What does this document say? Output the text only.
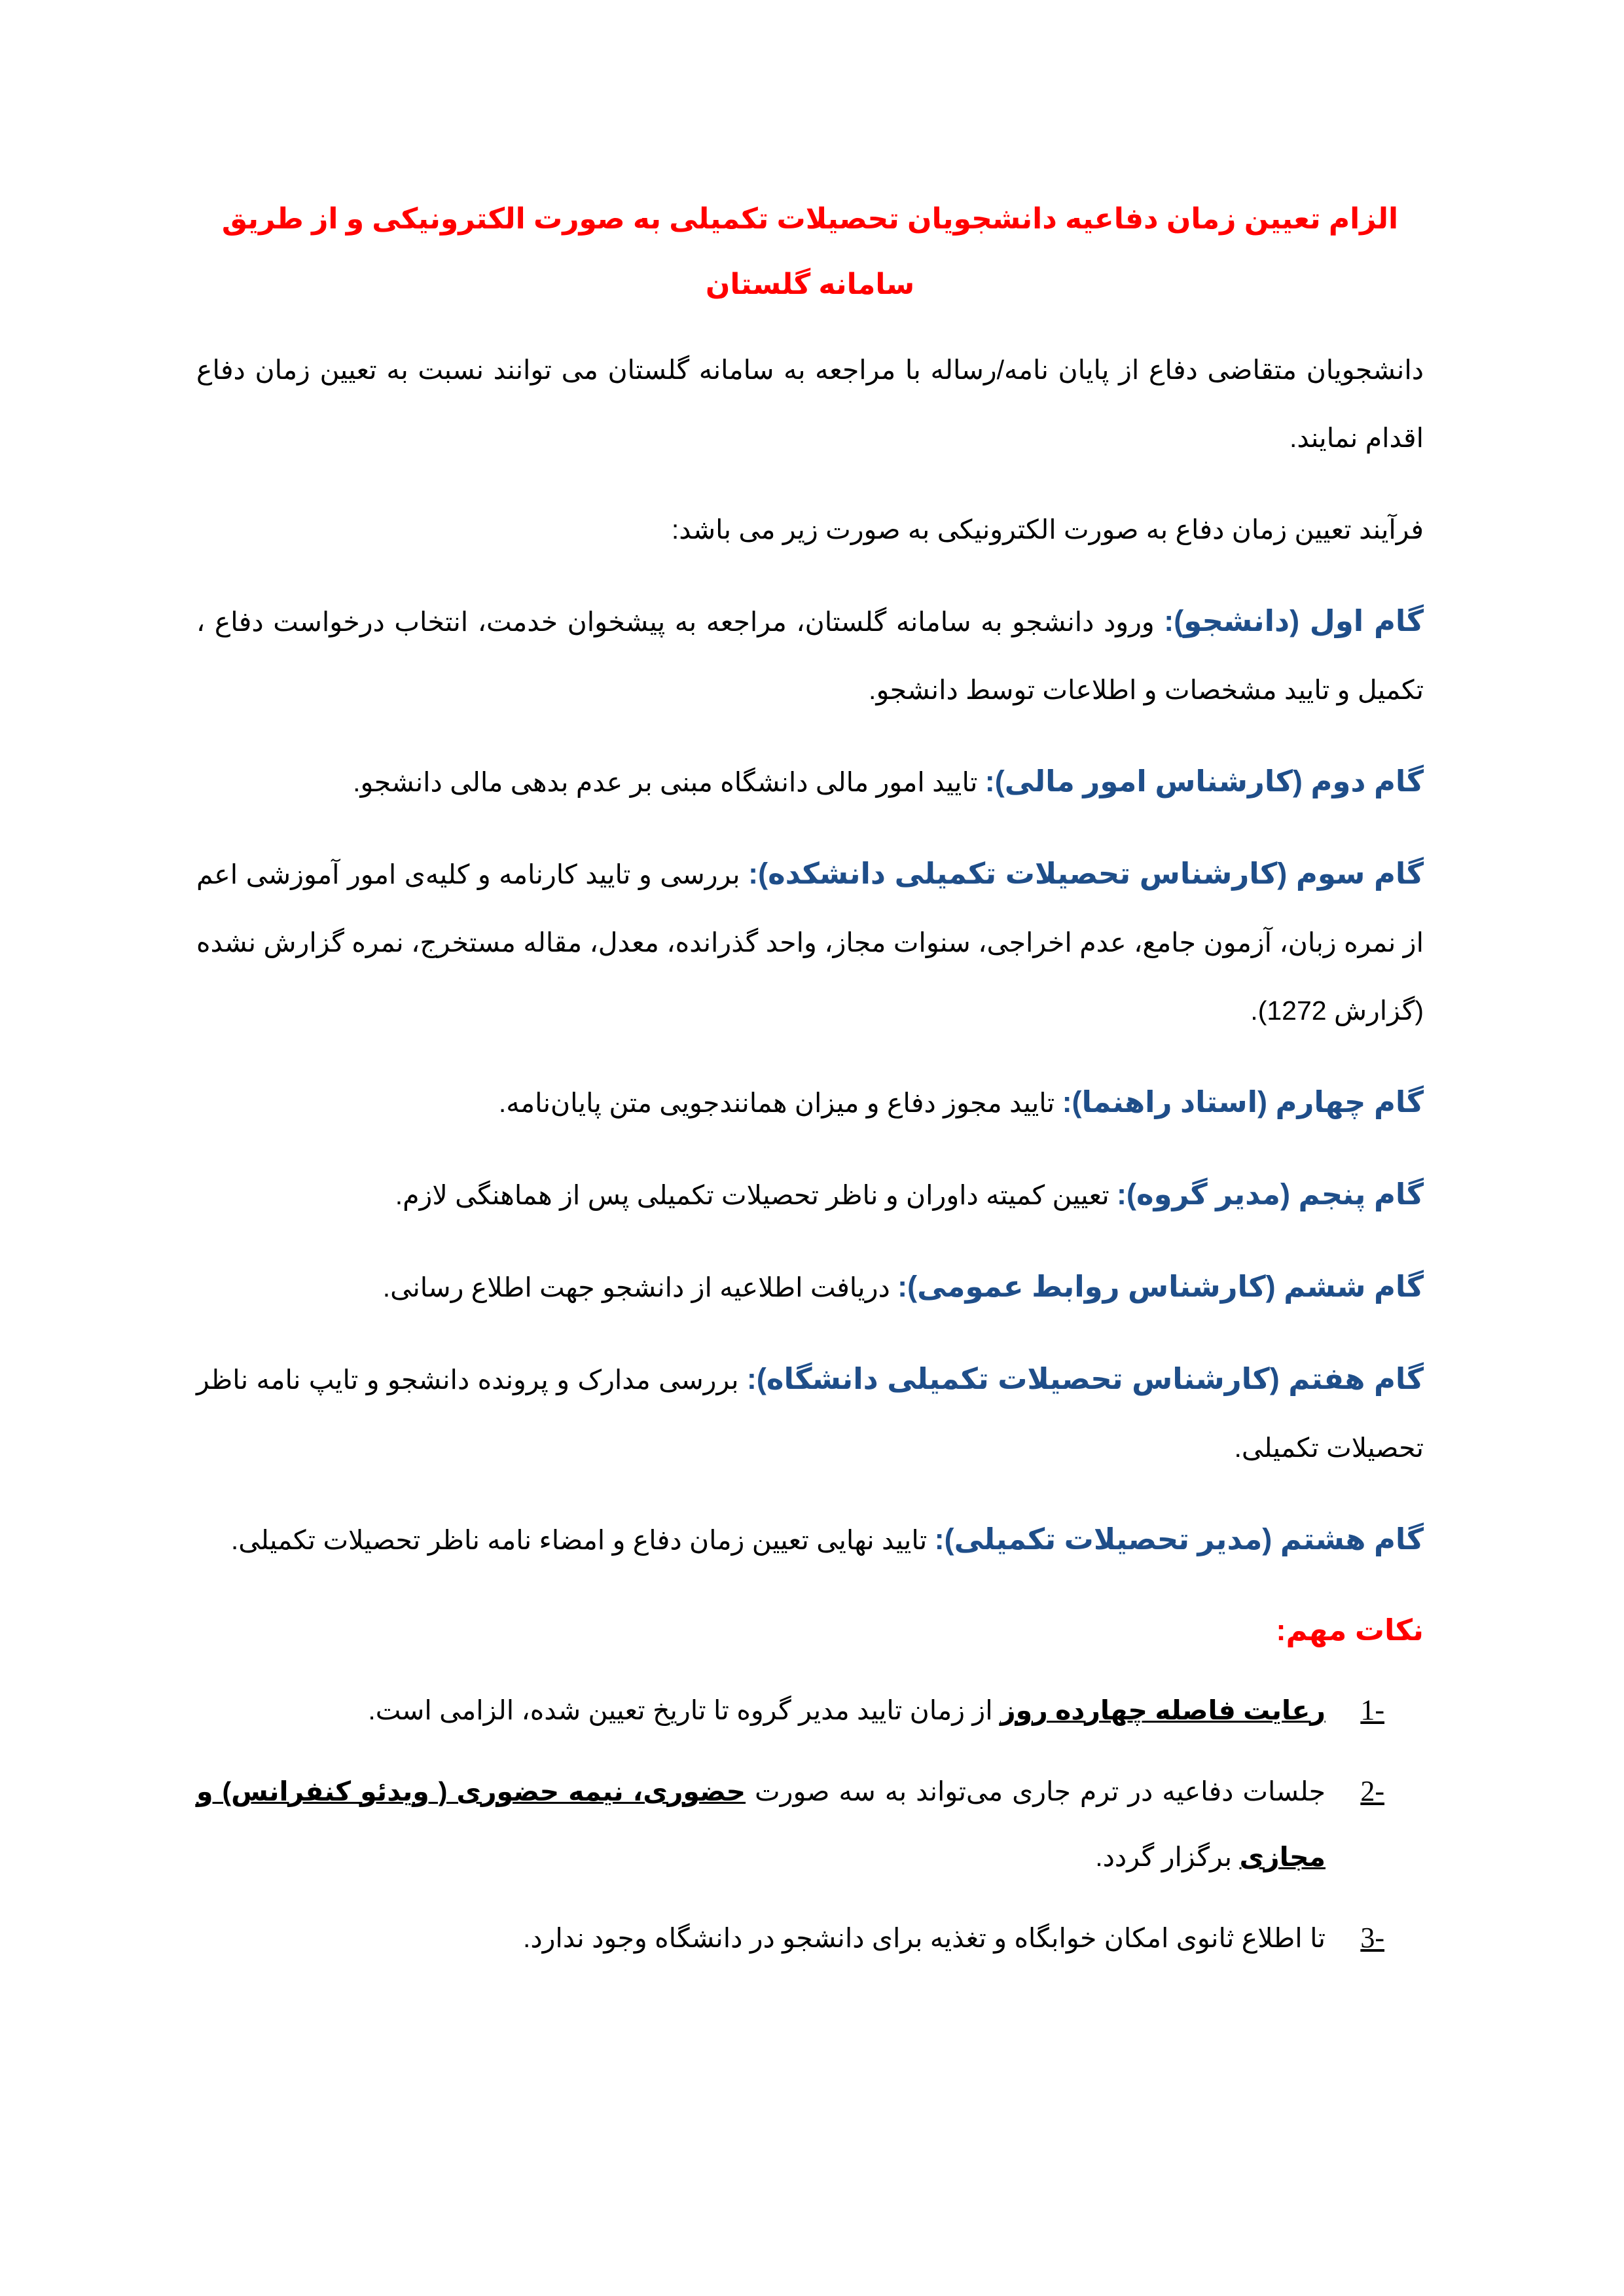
الزام تعیین زمان دفاعیه دانشجویان تحصیلات تکمیلی به صورت الکترونیکی و از طریق سامانه گلستان

دانشجویان متقاضی دفاع از پایان نامه/رساله با مراجعه به سامانه گلستان می توانند نسبت به تعیین زمان دفاع اقدام نمایند.

فرآیند تعیین زمان دفاع به صورت الکترونیکی به صورت زیر می باشد:

گام اول (دانشجو): ورود دانشجو به سامانه گلستان، مراجعه به پیشخوان خدمت، انتخاب درخواست دفاع ، تکمیل و تایید مشخصات و اطلاعات توسط دانشجو.

گام دوم (کارشناس امور مالی): تایید امور مالی دانشگاه مبنی بر عدم بدهی مالی دانشجو.

گام سوم (کارشناس تحصیلات تکمیلی دانشکده): بررسی و تایید کارنامه و کلیه‌ی امور آموزشی اعم از نمره زبان، آزمون جامع، عدم اخراجی، سنوات مجاز، واحد گذرانده، معدل، مقاله مستخرج، نمره گزارش نشده (گزارش 1272).

گام چهارم (استاد راهنما): تایید مجوز دفاع و میزان همانندجویی متن پایان‌نامه.

گام پنجم (مدیر گروه): تعیین کمیته داوران و ناظر تحصیلات تکمیلی پس از هماهنگی لازم.

گام ششم (کارشناس روابط عمومی): دریافت اطلاعیه از دانشجو جهت اطلاع رسانی.

گام هفتم (کارشناس تحصیلات تکمیلی دانشگاه): بررسی مدارک و پرونده دانشجو و تایپ نامه ناظر تحصیلات تکمیلی.

گام هشتم (مدیر تحصیلات تکمیلی): تایید نهایی تعیین زمان دفاع و امضاء نامه ناظر تحصیلات تکمیلی.

نکات مهم:
1-
رعایت فاصله چهارده روز از زمان تایید مدیر گروه تا تاریخ تعیین شده، الزامی است.
2-
جلسات دفاعیه در ترم جاری می‌تواند به سه صورت حضوری، نیمه حضوری ( ویدئو کنفرانس) و مجازی برگزار گردد.
3-
تا اطلاع ثانوی امکان خوابگاه و تغذیه برای دانشجو در دانشگاه وجود ندارد.
